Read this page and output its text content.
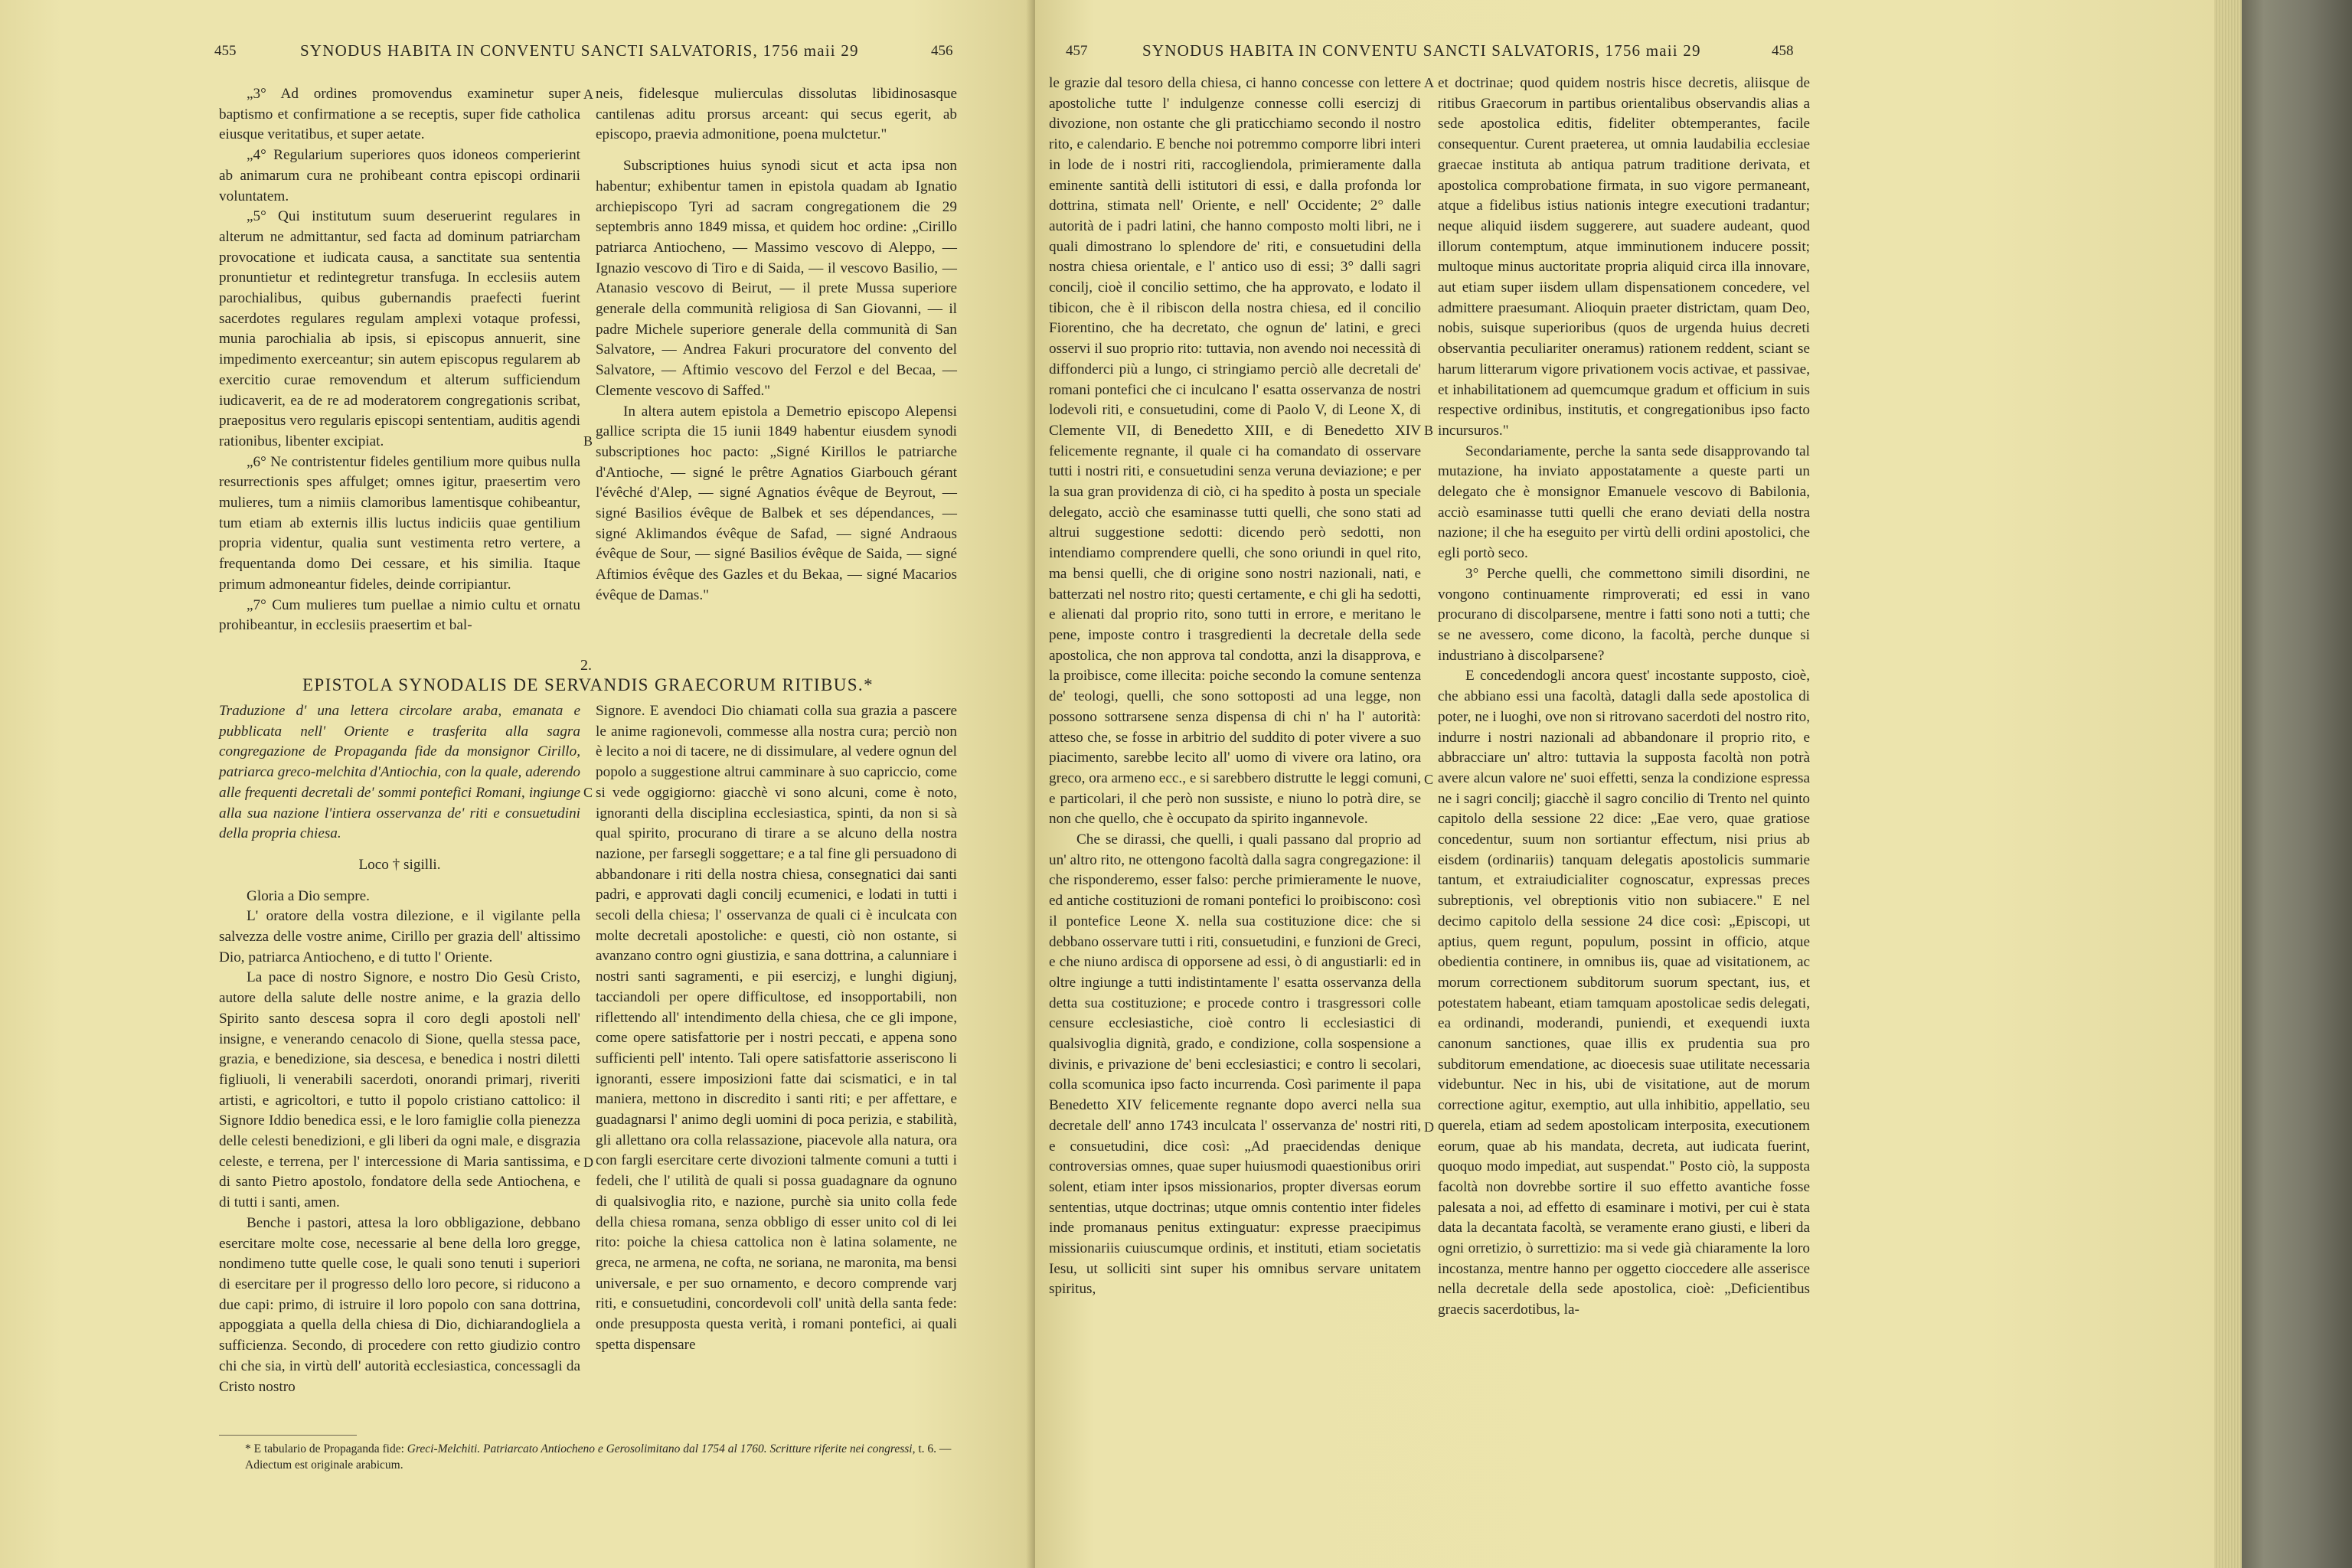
455	SYNODUS HABITA IN CONVENTU SANCTI SALVATORIS, 1756 maii 29	456

„3° Ad ordines promovendus examinetur super baptismo et confirmatione a se receptis, super fide catholica eiusque veritatibus, et super aetate.

„4° Regularium superiores quos idoneos comperierint ab animarum cura ne prohibeant contra episcopi ordinarii voluntatem.

„5° Qui institutum suum deseruerint regulares in alterum ne admittantur, sed facta ad dominum patriarcham provocatione et iudicata causa, a sanctitate sua sententia pronuntietur et redintegretur transfuga. In ecclesiis autem parochialibus, quibus gubernandis praefecti fuerint sacerdotes regulares regulam amplexi votaque professi, munia parochialia ab ipsis, si episcopus annuerit, sine impedimento exerceantur; sin autem episcopus regularem ab exercitio curae removendum et alterum sufficiendum iudicaverit, ea de re ad moderatorem congregationis scribat, praepositus vero regularis episcopi sententiam, auditis agendi rationibus, libenter excipiat.

„6° Ne contristentur fideles gentilium more quibus nulla resurrectionis spes affulget; omnes igitur, praesertim vero mulieres, tum a nimiis clamoribus lamentisque cohibeantur, tum etiam ab externis illis luctus indiciis quae gentilium propria videntur, qualia sunt vestimenta retro vertere, a frequentanda domo Dei cessare, et his similia. Itaque primum admoneantur fideles, deinde corripiantur.

„7° Cum mulieres tum puellae a nimio cultu et ornatu prohibeantur, in ecclesiis praesertim et bal-

A
B

neis, fidelesque mulierculas dissolutas libidinosasque cantilenas aditu prorsus arceant: qui secus egerit, ab episcopo, praevia admonitione, poena mulctetur."

Subscriptiones huius synodi sicut et acta ipsa non habentur; exhibentur tamen in epistola quadam ab Ignatio archiepiscopo Tyri ad sacram congregationem die 29 septembris anno 1849 missa, et quidem hoc ordine: „Cirillo patriarca Antiocheno, — Massimo vescovo di Aleppo, — Ignazio vescovo di Tiro e di Saida, — il vescovo Basilio, — Atanasio vescovo di Beirut, — il prete Mussa superiore generale della communità religiosa di San Giovanni, — il padre Michele superiore generale della communità di San Salvatore, — Andrea Fakuri procuratore del convento del Salvatore, — Aftimio vescovo del Ferzol e del Becaa, — Clemente vescovo di Saffed."

In altera autem epistola a Demetrio episcopo Alepensi gallice scripta die 15 iunii 1849 habentur eiusdem synodi subscriptiones hoc pacto: „Signé Kirillos le patriarche d'Antioche, — signé le prêtre Agnatios Giarbouch gérant l'évêché d'Alep, — signé Agnatios évêque de Beyrout, — signé Basilios évêque de Balbek et ses dépendances, — signé Aklimandos évêque de Safad, — signé Andraous évêque de Sour, — signé Basilios évêque de Saida, — signé Aftimios évêque des Gazles et du Bekaa, — signé Macarios évêque de Damas."

2.
EPISTOLA SYNODALIS DE SERVANDIS GRAECORUM RITIBUS.*

Traduzione d' una lettera circolare araba, emanata e pubblicata nell' Oriente e trasferita alla sagra congregazione de Propaganda fide da monsignor Cirillo, patriarca greco-melchita d'Antiochia, con la quale, aderendo alle frequenti decretali de' sommi pontefici Romani, ingiunge alla sua nazione l'intiera osservanza de' riti e consuetudini della propria chiesa.

Loco † sigilli.

Gloria a Dio sempre.

L' oratore della vostra dilezione, e il vigilante pella salvezza delle vostre anime, Cirillo per grazia dell' altissimo Dio, patriarca Antiocheno, e di tutto l' Oriente.

La pace di nostro Signore, e nostro Dio Gesù Cristo, autore della salute delle nostre anime, e la grazia dello Spirito santo descesa sopra il coro degli apostoli nell' insigne, e venerando cenacolo di Sione, quella stessa pace, grazia, e benedizione, sia descesa, e benedica i nostri diletti figliuoli, li venerabili sacerdoti, onorandi primarj, riveriti artisti, e agricoltori, e tutto il popolo cristiano cattolico: il Signore Iddio benedica essi, e le loro famiglie colla pienezza delle celesti benedizioni, e gli liberi da ogni male, e disgrazia celeste, e terrena, per l' intercessione di Maria santissima, e di santo Pietro apostolo, fondatore della sede Antiochena, e di tutti i santi, amen.

Benche i pastori, attesa la loro obbligazione, debbano esercitare molte cose, necessarie al bene della loro gregge, nondimeno tutte quelle cose, le quali sono tenuti i superiori di esercitare per il progresso dello loro pecore, si riducono a due capi: primo, di istruire il loro popolo con sana dottrina, appoggiata a quella della chiesa di Dio, dichiarandogliela a sufficienza. Secondo, di procedere con retto giudizio contro chi che sia, in virtù dell' autorità ecclesiastica, concessagli da Cristo nostro

C
D

Signore. E avendoci Dio chiamati colla sua grazia a pascere le anime ragionevoli, commesse alla nostra cura; perciò non è lecito a noi di tacere, ne di dissimulare, al vedere ognun del popolo a suggestione altrui camminare à suo capriccio, come si vede oggigiorno: giacchè vi sono alcuni, come è noto, ignoranti della disciplina ecclesiastica, spinti, da non si sà qual spirito, procurano di tirare a se alcuno della nostra nazione, per farsegli soggettare; e a tal fine gli persuadono di abbandonare i riti della nostra chiesa, consegnatici dai santi padri, e approvati dagli concilj ecumenici, e lodati in tutti i secoli della chiesa; l' osservanza de quali ci è inculcata con molte decretali apostoliche: e questi, ciò non ostante, si avanzano contro ogni giustizia, e sana dottrina, a calunniare i nostri santi sagramenti, e pii esercizj, e lunghi digiunj, tacciandoli per opere difficultose, ed insopportabili, non riflettendo all' intendimento della chiesa, che ce gli impone, come opere satisfattorie per i nostri peccati, e appena sono sufficienti pell' intento. Tali opere satisfattorie asseriscono li ignoranti, essere imposizioni fatte dai scismatici, e in tal maniera, mettono in discredito i santi riti; e per affettare, e guadagnarsi l' animo degli uomini di poca perizia, e stabilità, gli allettano ora colla relassazione, piacevole alla natura, ora con fargli esercitare certe divozioni talmente comuni a tutti i fedeli, che l' utilità de quali si possa guadagnare da ognuno di qualsivoglia rito, e nazione, purchè sia unito colla fede della chiesa romana, senza obbligo di esser unito col di lei rito: poiche la chiesa cattolica non è latina solamente, ne greca, ne armena, ne cofta, ne soriana, ne maronita, ma bensi universale, e per suo ornamento, e decoro comprende varj riti, e consuetudini, concordevoli coll' unità della santa fede: onde presupposta questa verità, i romani pontefici, ai quali spetta dispensare

* E tabulario de Propaganda fide: Greci-Melchiti. Patriarcato Antiocheno e Gerosolimitano dal 1754 al 1760. Scritture riferite nei congressi, t. 6. — Adiectum est originale arabicum.
457	SYNODUS HABITA IN CONVENTU SANCTI SALVATORIS, 1756 maii 29	458

le grazie dal tesoro della chiesa, ci hanno concesse con lettere apostoliche tutte l' indulgenze connesse colli esercizj di divozione, non ostante che gli praticchiamo secondo il nostro rito, e calendario. E benche noi potremmo comporre libri interi in lode de i nostri riti, raccogliendola, primieramente dalla eminente santità delli istitutori di essi, e dalla profonda lor dottrina, stimata nell' Oriente, e nell' Occidente; 2° dalle autorità de i padri latini, che hanno composto molti libri, ne i quali dimostrano lo splendore de' riti, e consuetudini della nostra chiesa orientale, e l' antico uso di essi; 3° dalli sagri concilj, cioè il concilio settimo, che ha approvato, e lodato il tibicon, che è il ribiscon della nostra chiesa, ed il concilio Fiorentino, che ha decretato, che ognun de' latini, e greci osservi il suo proprio rito: tuttavia, non avendo noi necessità di diffonderci più a lungo, ci stringiamo perciò alle decretali de' romani pontefici che ci inculcano l' esatta osservanza de nostri lodevoli riti, e consuetudini, come di Paolo V, di Leone X, di Clemente VII, di Benedetto XIII, e di Benedetto XIV felicemente regnante, il quale ci ha comandato di osservare tutti i nostri riti, e consuetudini senza veruna deviazione; e per la sua gran providenza di ciò, ci ha spedito à posta un speciale delegato, acciò che esaminasse tutti quelli, che sono stati ad altrui suggestione sedotti: dicendo però sedotti, non intendiamo comprendere quelli, che sono oriundi in quel rito, ma bensi quelli, che di origine sono nostri nazionali, nati, e batterzati nel nostro rito; questi certamente, e chi gli ha sedotti, e alienati dal proprio rito, sono tutti in errore, e meritano le pene, imposte contro i trasgredienti la decretale della sede apostolica, che non approva tal condotta, anzi la disapprova, e la proibisce, come illecita: poiche secondo la comune sentenza de' teologi, quelli, che sono sottoposti ad una legge, non possono sottrarsene senza dispensa di chi n' ha l' autorità: atteso che, se fosse in arbitrio del suddito di poter vivere a suo piacimento, sarebbe lecito all' uomo di vivere ora latino, ora greco, ora armeno ecc., e si sarebbero distrutte le leggi comuni, e particolari, il che però non sussiste, e niuno lo potrà dire, se non che quello, che è occupato da spirito ingannevole.

Che se dirassi, che quelli, i quali passano dal proprio ad un' altro rito, ne ottengono facoltà dalla sagra congregazione: il che risponderemo, esser falso: perche primieramente le nuove, ed antiche costituzioni de romani pontefici lo proibiscono: così il pontefice Leone X. nella sua costituzione dice: che si debbano osservare tutti i riti, consuetudini, e funzioni de Greci, e che niuno ardisca di opporsene ad essi, ò di angustiarli: ed in oltre ingiunge a tutti indistintamente l' esatta osservanza della detta sua costituzione; e procede contro i trasgressori colle censure ecclesiastiche, cioè contro li ecclesiastici di qualsivoglia dignità, grado, e condizione, colla sospensione a divinis, e privazione de' beni ecclesiastici; e contro li secolari, colla scomunica ipso facto incurrenda. Così parimente il papa Benedetto XIV felicemente regnante dopo averci nella sua decretale dell' anno 1743 inculcata l' osservanza de' nostri riti, e consuetudini, dice così: „Ad praecidendas denique controversias omnes, quae super huiusmodi quaestionibus oriri solent, etiam inter ipsos missionarios, propter diversas eorum sententias, utque doctrinas; utque omnis contentio inter fideles inde promanaus penitus extinguatur: expresse praecipimus missionariis cuiuscumque ordinis, et instituti, etiam societatis Iesu, ut solliciti sint super his omnibus servare unitatem spiritus,

A
B
C
D

et doctrinae; quod quidem nostris hisce decretis, aliisque de ritibus Graecorum in partibus orientalibus observandis alias a sede apostolica editis, fideliter obtemperantes, facile consequentur. Curent praeterea, ut omnia laudabilia ecclesiae graecae instituta ab antiqua patrum traditione derivata, et apostolica comprobatione firmata, in suo vigore permaneant, atque a fidelibus istius nationis integre executioni tradantur; neque aliquid iisdem suggerere, aut suadere audeant, quod illorum contemptum, atque imminutionem inducere possit; multoque minus auctoritate propria aliquid circa illa innovare, aut etiam super iisdem ullam dispensationem concedere, vel admittere praesumant. Alioquin praeter districtam, quam Deo, nobis, suisque superioribus (quos de urgenda huius decreti observantia peculiariter oneramus) rationem reddent, sciant se harum litterarum vigore privationem vocis activae, et passivae, et inhabilitationem ad quemcumque gradum et officium in suis respective ordinibus, institutis, et congregationibus ipso facto incursuros."

Secondariamente, perche la santa sede disapprovando tal mutazione, ha inviato appostatamente a queste parti un delegato che è monsignor Emanuele vescovo di Babilonia, acciò esaminasse tutti quelli che erano deviati della nostra nazione; il che ha eseguito per virtù delli ordini apostolici, che egli portò seco.

3° Perche quelli, che commettono simili disordini, ne vongono continuamente rimproverati; ed essi in vano procurano di discolparsene, mentre i fatti sono noti a tutti; che se ne avessero, come dicono, la facoltà, perche dunque si industriano à discolparsene?

E concedendogli ancora quest' incostante supposto, cioè, che abbiano essi una facoltà, datagli dalla sede apostolica di poter, ne i luoghi, ove non si ritrovano sacerdoti del nostro rito, indurre i nostri nazionali ad abbandonare il proprio rito, e abbracciare un' altro: tuttavia la supposta facoltà non potrà avere alcun valore ne' suoi effetti, senza la condizione espressa ne i sagri concilj; giacchè il sagro concilio di Trento nel quinto capitolo della sessione 22 dice: „Eae vero, quae gratiose concedentur, suum non sortiantur effectum, nisi prius ab eisdem (ordinariis) tanquam delegatis apostolicis summarie tantum, et extraiudicialiter cognoscatur, expressas preces subreptionis, vel obreptionis vitio non subiacere." E nel decimo capitolo della sessione 24 dice così: „Episcopi, ut aptius, quem regunt, populum, possint in officio, atque obedientia continere, in omnibus iis, quae ad visitationem, ac morum correctionem subditorum suorum spectant, ius, et potestatem habeant, etiam tamquam apostolicae sedis delegati, ea ordinandi, moderandi, puniendi, et exequendi iuxta canonum sanctiones, quae illis ex prudentia sua pro subditorum emendatione, ac dioecesis suae utilitate necessaria videbuntur. Nec in his, ubi de visitatione, aut de morum correctione agitur, exemptio, aut ulla inhibitio, appellatio, seu querela, etiam ad sedem apostolicam interposita, executionem eorum, quae ab his mandata, decreta, aut iudicata fuerint, quoquo modo impediat, aut suspendat." Posto ciò, la supposta facoltà non dovrebbe sortire il suo effetto avantiche fosse palesata a noi, ad effetto di esaminare i motivi, per cui è stata data la decantata facoltà, se veramente erano giusti, e liberi da ogni orretizio, ò surrettizio: ma si vede già chiaramente la loro incostanza, mentre hanno per oggetto cioccedere alle asserisce nella decretale della sede apostolica, cioè: „Deficientibus graecis sacerdotibus, la-
